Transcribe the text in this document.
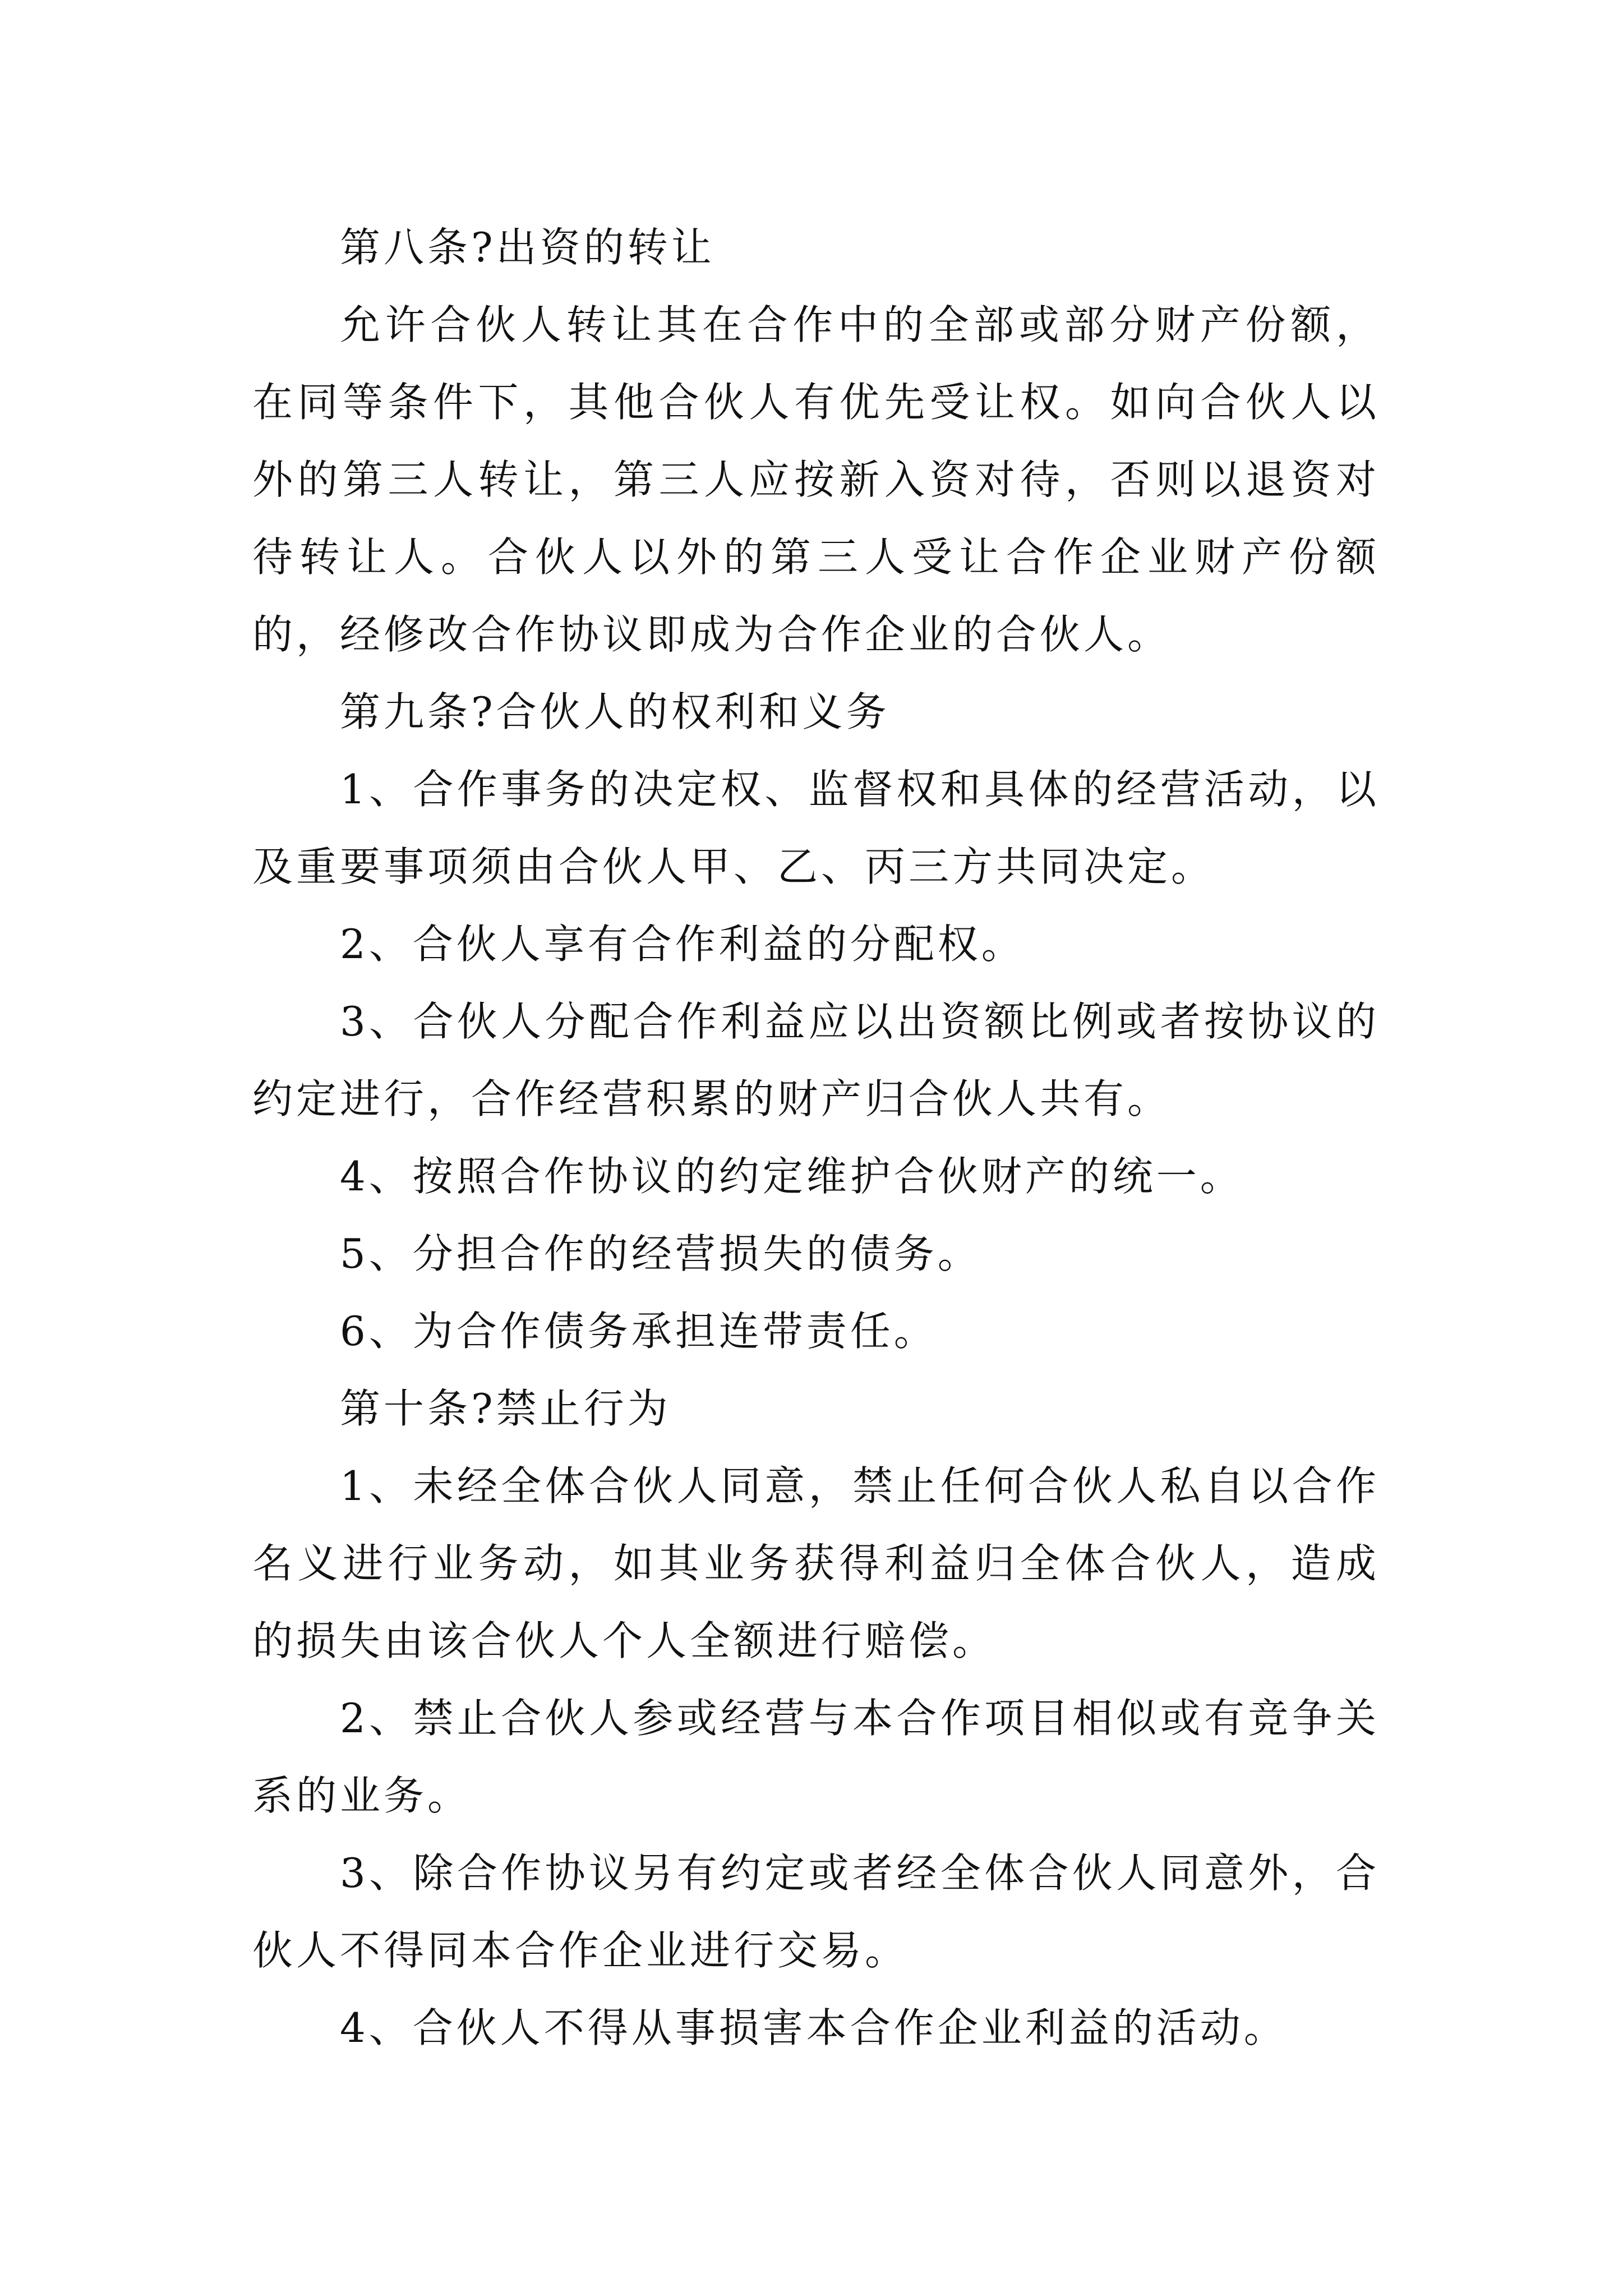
第八条?出资的转让

允许合伙人转让其在合作中的全部或部分财产份额，在同等条件下，其他合伙人有优先受让权。如向合伙人以外的第三人转让，第三人应按新入资对待，否则以退资对待转让人。合伙人以外的第三人受让合作企业财产份额的，经修改合作协议即成为合作企业的合伙人。

第九条?合伙人的权利和义务

1、合作事务的决定权、监督权和具体的经营活动，以及重要事项须由合伙人甲、乙、丙三方共同决定。

2、合伙人享有合作利益的分配权。

3、合伙人分配合作利益应以出资额比例或者按协议的约定进行，合作经营积累的财产归合伙人共有。

4、按照合作协议的约定维护合伙财产的统一。

5、分担合作的经营损失的债务。

6、为合作债务承担连带责任。

第十条?禁止行为

1、未经全体合伙人同意，禁止任何合伙人私自以合作名义进行业务动，如其业务获得利益归全体合伙人，造成的损失由该合伙人个人全额进行赔偿。

2、禁止合伙人参或经营与本合作项目相似或有竞争关系的业务。

3、除合作协议另有约定或者经全体合伙人同意外，合伙人不得同本合作企业进行交易。

4、合伙人不得从事损害本合作企业利益的活动。
